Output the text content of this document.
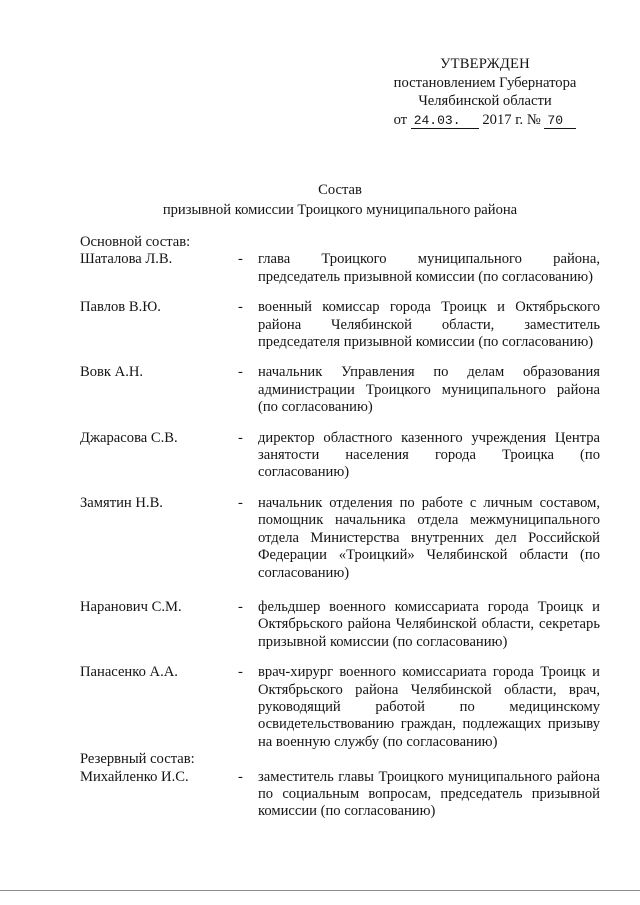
УТВЕРЖДЕН
постановлением Губернатора
Челябинской области
от 24.03. 2017 г. № 70
Состав
призывной комиссии Троицкого муниципального района
Основной состав:
Шаталова Л.В.	-	глава Троицкого муниципального района, председатель призывной комиссии (по согласованию)
Павлов В.Ю.	-	военный комиссар города Троицк и Октябрьского района Челябинской области, заместитель председателя призывной комиссии (по согласованию)
Вовк А.Н.	-	начальник Управления по делам образования администрации Троицкого муниципального района (по согласованию)
Джарасова С.В.	-	директор областного казенного учреждения Центра занятости населения города Троицка (по согласованию)
Замятин Н.В.	-	начальник отделения по работе с личным составом, помощник начальника отдела межмуниципального отдела Министерства внутренних дел Российской Федерации «Троицкий» Челябинской области (по согласованию)
Наранович С.М.	-	фельдшер военного комиссариата города Троицк и Октябрьского района Челябинской области, секретарь призывной комиссии (по согласованию)
Панасенко А.А.	-	врач-хирург военного комиссариата города Троицк и Октябрьского района Челябинской области, врач, руководящий работой по медицинскому освидетельствованию граждан, подлежащих призыву на военную службу (по согласованию)
Резервный состав:
Михайленко И.С.	-	заместитель главы Троицкого муниципального района по социальным вопросам, председатель призывной комиссии (по согласованию)
